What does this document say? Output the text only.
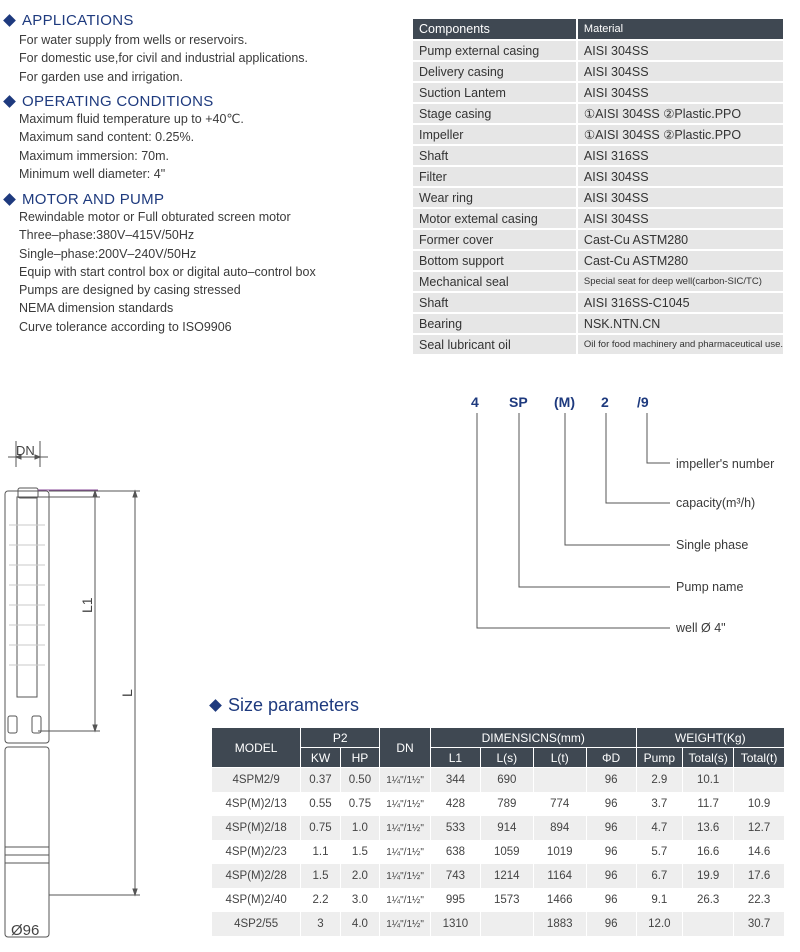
APPLICATIONS
For water supply from wells or reservoirs.
For domestic use,for civil and industrial applications.
For garden use and irrigation.
OPERATING CONDITIONS
Maximum fluid temperature up to +40℃.
Maximum sand content: 0.25%.
Maximum immersion: 70m.
Minimum well diameter: 4"
MOTOR AND PUMP
Rewindable motor or Full obturated screen motor
Three–phase:380V–415V/50Hz
Single–phase:200V–240V/50Hz
Equip with start control box or digital auto–control box
Pumps are designed by casing stressed
NEMA dimension standards
Curve tolerance according to ISO9906
Components	Material
Pump external casing	AISI 304SS
Delivery casing	AISI 304SS
Suction Lantem	AISI 304SS
Stage casing	①AISI 304SS ②Plastic.PPO
Impeller	①AISI 304SS ②Plastic.PPO
Shaft	AISI 316SS
Filter	AISI 304SS
Wear ring	AISI 304SS
Motor extemal casing	AISI 304SS
Former cover	Cast-Cu ASTM280
Bottom support	Cast-Cu ASTM280
Mechanical seal	Special seat for deep well(carbon-SIC/TC)
Shaft	AISI 316SS-C1045
Bearing	NSK.NTN.CN
Seal lubricant oil	Oil for food machinery and pharmaceutical use.
4 SP (M) 2 /9
impeller's number
capacity(m³/h)
Single phase
Pump name
well Ø 4"
DN
L1
L
Ø96
Size parameters
MODEL	P2		DN	DIMENSICNS(mm)				WEIGHT(Kg)		
	KW	HP		L1	L(s)	L(t)	ΦD	Pump	Total(s)	Total(t)
4SPM2/9	0.37	0.50	1¼"/1½"	344	690		96	2.9	10.1	
4SP(M)2/13	0.55	0.75	1¼"/1½"	428	789	774	96	3.7	11.7	10.9
4SP(M)2/18	0.75	1.0	1¼"/1½"	533	914	894	96	4.7	13.6	12.7
4SP(M)2/23	1.1	1.5	1¼"/1½"	638	1059	1019	96	5.7	16.6	14.6
4SP(M)2/28	1.5	2.0	1¼"/1½"	743	1214	1164	96	6.7	19.9	17.6
4SP(M)2/40	2.2	3.0	1¼"/1½"	995	1573	1466	96	9.1	26.3	22.3
4SP2/55	3	4.0	1¼"/1½"	1310		1883	96	12.0		30.7
